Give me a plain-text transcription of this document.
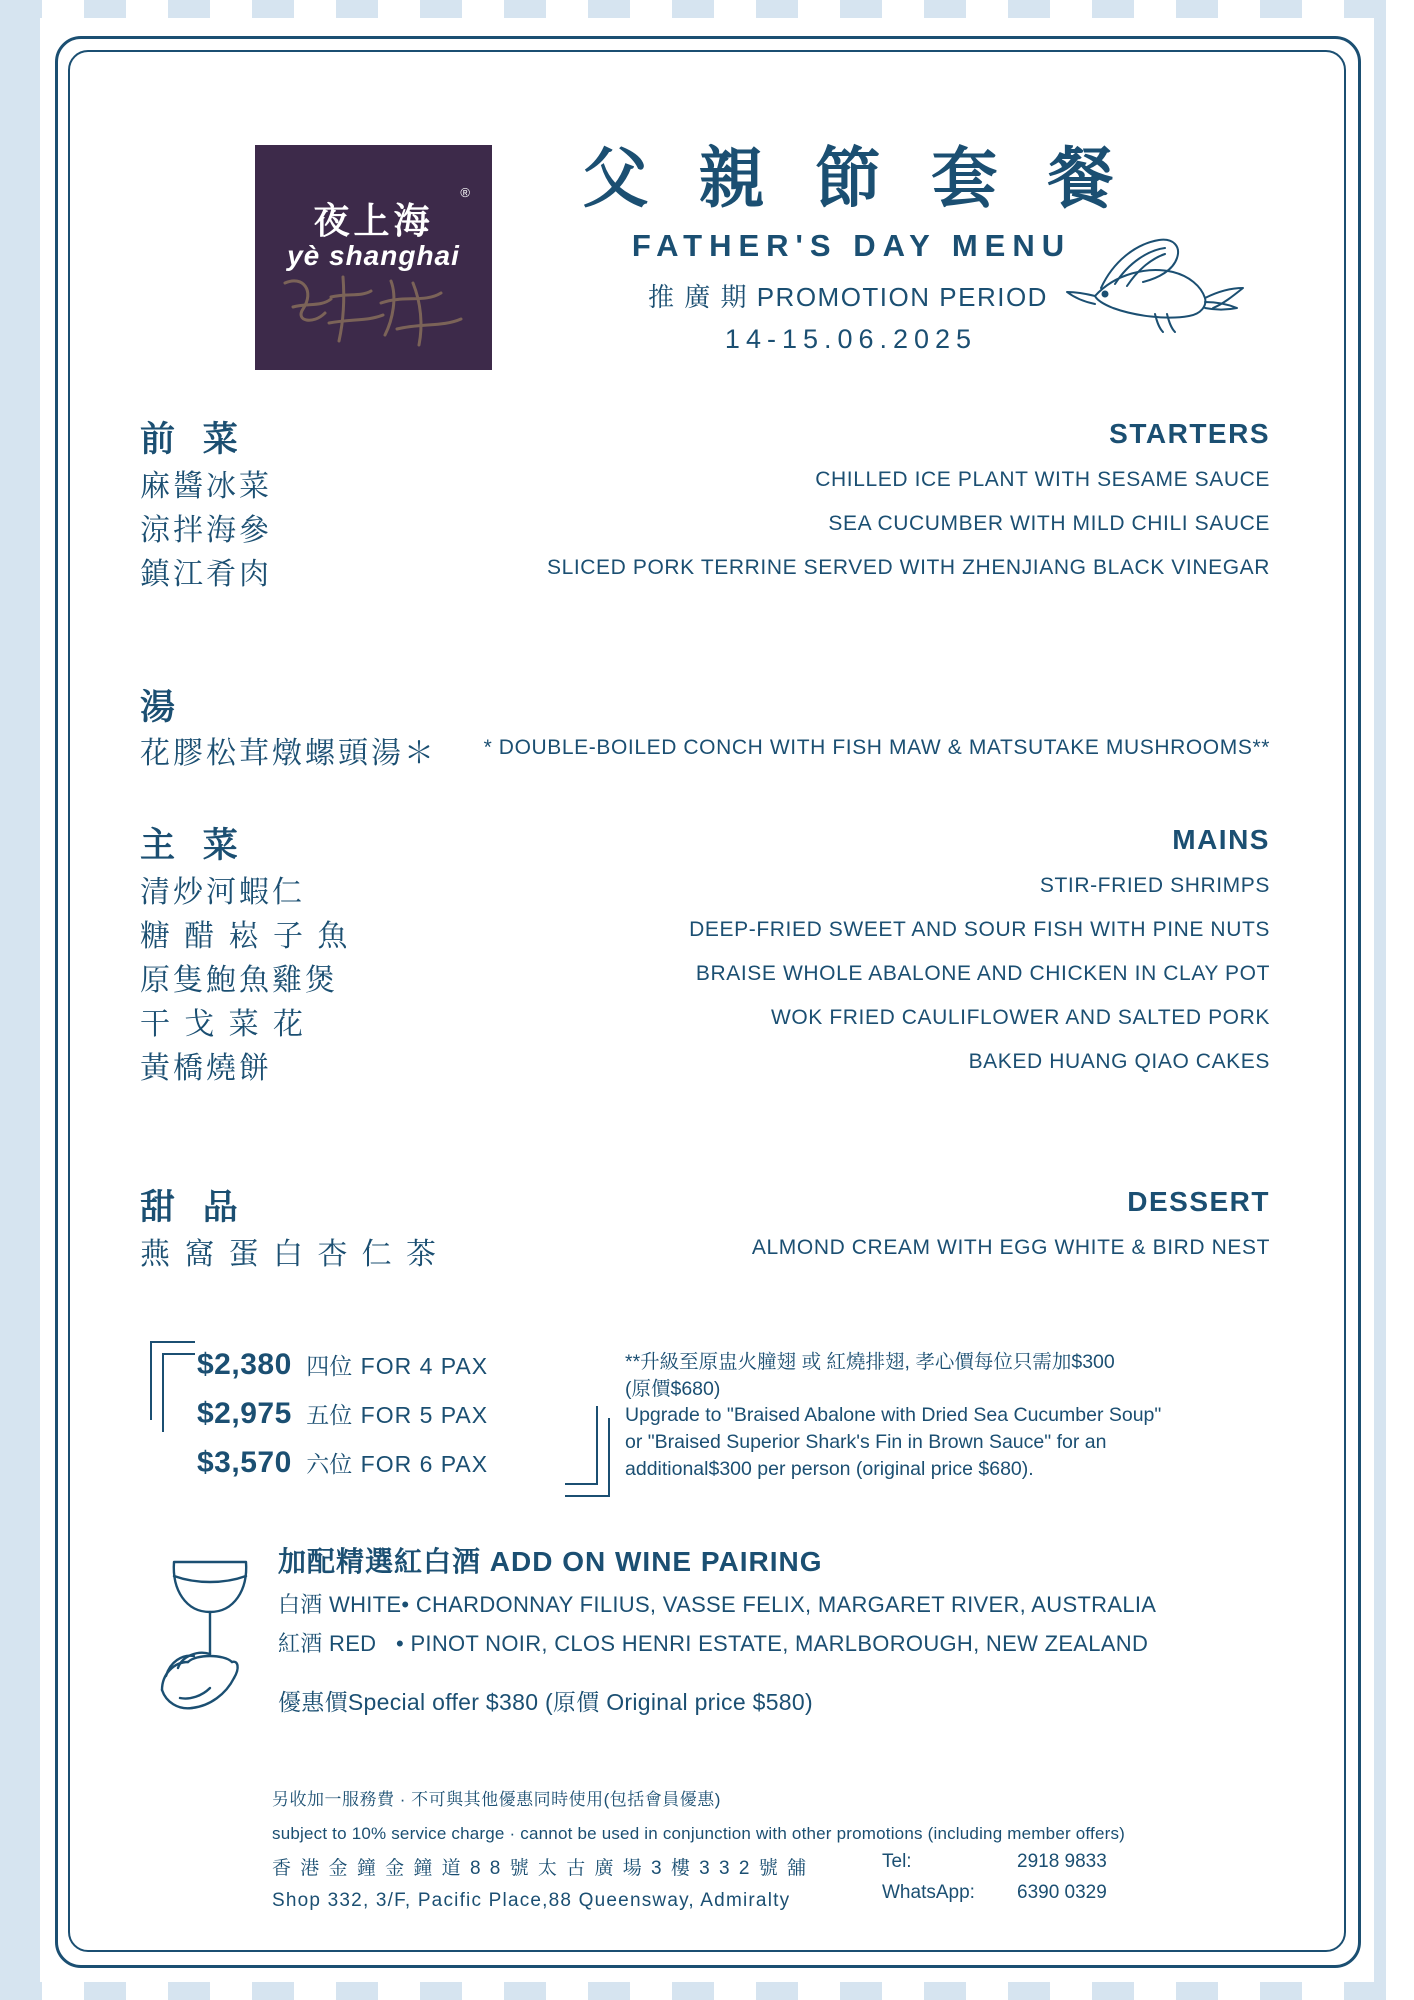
®
夜上海
yè shanghai
父 親 節 套 餐
FATHER'S DAY MENU
推 廣 期 PROMOTION PERIOD
14-15.06.2025
前 菜	STARTERS
麻醬冰菜	CHILLED ICE PLANT WITH SESAME SAUCE
涼拌海參	SEA CUCUMBER WITH MILD CHILI SAUCE
鎮江肴肉	SLICED PORK TERRINE SERVED WITH ZHENJIANG BLACK VINEGAR
湯
花膠松茸燉螺頭湯＊ * DOUBLE-BOILED CONCH WITH FISH MAW & MATSUTAKE MUSHROOMS**
主 菜	MAINS
清炒河蝦仁	STIR-FRIED SHRIMPS
糖 醋 崧 子 魚	DEEP-FRIED SWEET AND SOUR FISH WITH PINE NUTS
原隻鮑魚雞煲	BRAISE WHOLE ABALONE AND CHICKEN IN CLAY POT
干 戈 菜 花	WOK FRIED CAULIFLOWER AND SALTED PORK
黃橋燒餅	BAKED HUANG QIAO CAKES
甜 品	DESSERT
燕 窩 蛋 白 杏 仁 茶	ALMOND CREAM WITH EGG WHITE & BIRD NEST
$2,380 四位 FOR 4 PAX
$2,975 五位 FOR 5 PAX
$3,570 六位 FOR 6 PAX
**升級至原盅火膧翅 或 紅燒排翅, 孝心價每位只需加$300
(原價$680)
Upgrade to "Braised Abalone with Dried Sea Cucumber Soup"
or "Braised Superior Shark's Fin in Brown Sauce" for an
additional$300 per person (original price $680).
加配精選紅白酒 ADD ON WINE PAIRING
白酒 WHITE• CHARDONNAY FILIUS, VASSE FELIX, MARGARET RIVER, AUSTRALIA
紅酒 RED • PINOT NOIR, CLOS HENRI ESTATE, MARLBOROUGH, NEW ZEALAND
優惠價Special offer $380 (原價 Original price $580)
另收加一服務費 · 不可與其他優惠同時使用(包括會員優惠)
subject to 10% service charge · cannot be used in conjunction with other promotions (including member offers)
香 港 金 鐘 金 鐘 道 8 8 號 太 古 廣 場 3 樓 3 3 2 號 舖
Shop 332, 3/F, Pacific Place,88 Queensway, Admiralty
Tel:	2918 9833
WhatsApp: 6390 0329
